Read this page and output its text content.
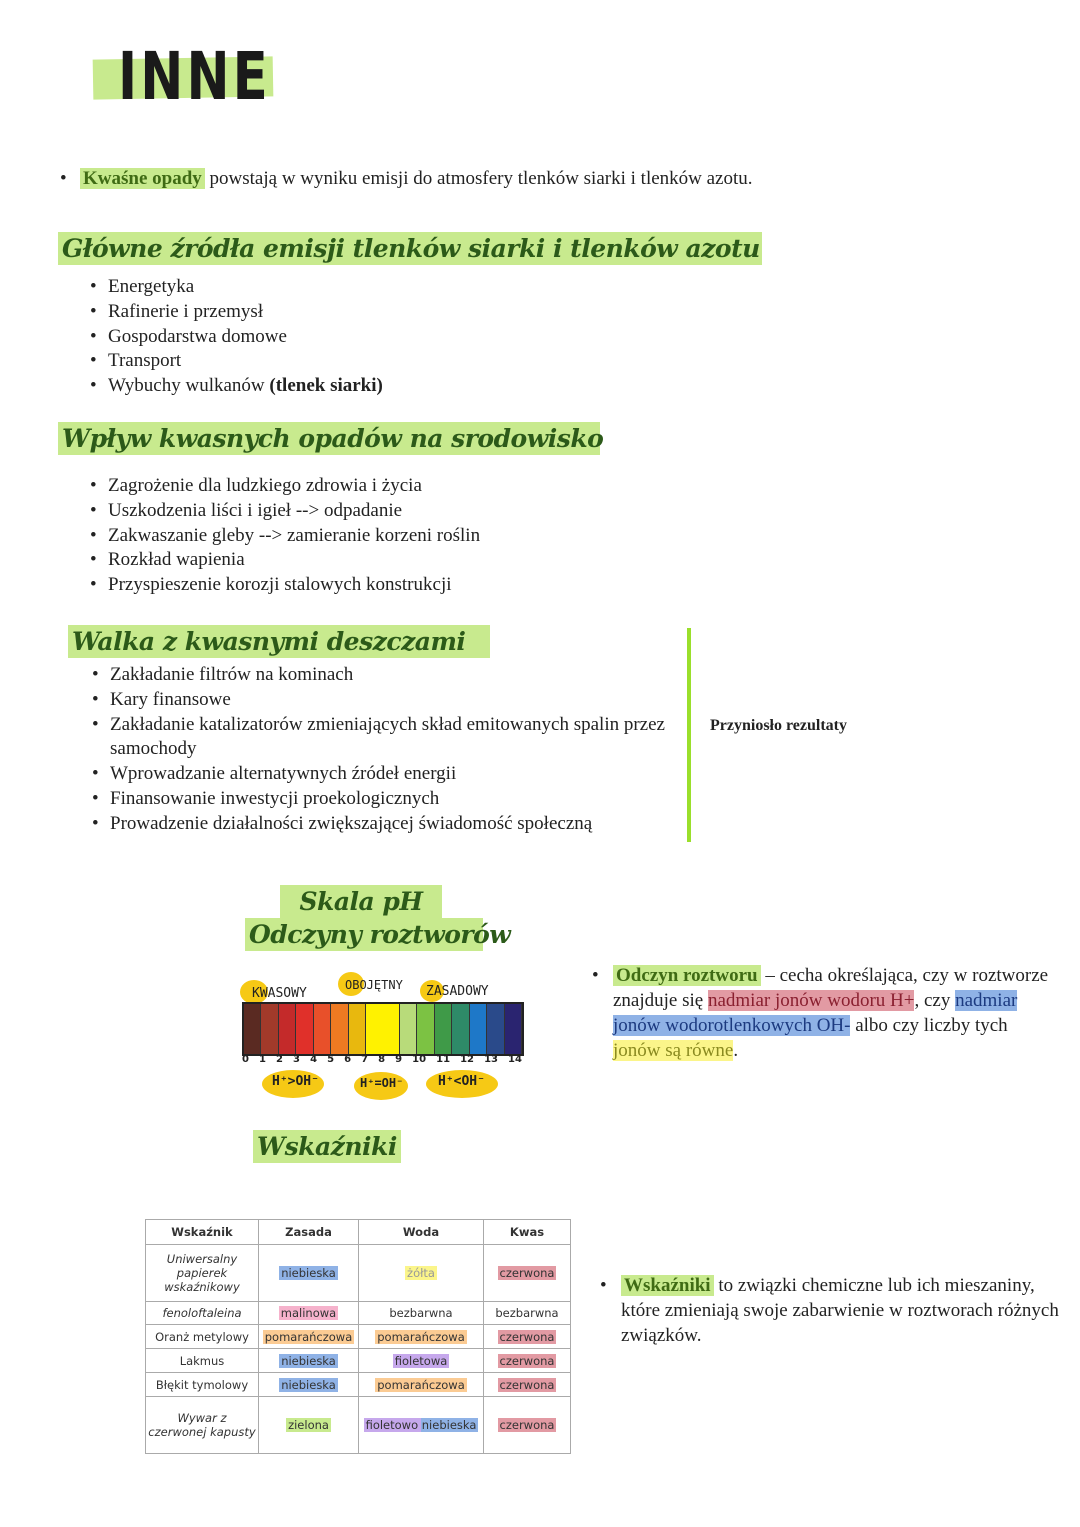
INNE
• Kwaśne opady powstają w wyniku emisji do atmosfery tlenków siarki i tlenków azotu.
Główne źródła emisji tlenków siarki i tlenków azotu
• Energetyka
• Rafinerie i przemysł
• Gospodarstwa domowe
• Transport
• Wybuchy wulkanów (tlenek siarki)
Wpływ kwasnych opadów na srodowisko
• Zagrożenie dla ludzkiego zdrowia i życia
• Uszkodzenia liści i igieł --> odpadanie
• Zakwaszanie gleby --> zamieranie korzeni roślin
• Rozkład wapienia
• Przyspieszenie korozji stalowych konstrukcji
Walka z kwasnymi deszczami
• Zakładanie filtrów na kominach
• Kary finansowe
• Zakładanie katalizatorów zmieniających skład emitowanych spalin przez samochody
• Wprowadzanie alternatywnych źródeł energii
• Finansowanie inwestycji proekologicznych
• Prowadzenie działalności zwiększającej świadomość społeczną
Przyniosło rezultaty
Skala pH
Odczyny roztworów
KWASOWY
OBOJĘTNY ZASADOWY
0 1 2 3 4 5 6 7 8 9 10 11 12 13 14
H⁺>OH⁻	H⁺=OH⁻	H⁺<OH⁻
• Odczyn roztworu – cecha określająca, czy w roztworze znajduje się nadmiar jonów wodoru H+, czy nadmiar jonów wodorotlenkowych OH- albo czy liczby tych jonów są równe.
Wskaźniki
Wskaźnik	Zasada	Woda	Kwas
Uniwersalny papierek wskaźnikowy	niebieska	żółta	czerwona
fenoloftaleina	malinowa	bezbarwna	bezbarwna
Oranż metylowy	pomarańczowa	pomarańczowa	czerwona
Lakmus	niebieska	fioletowa	czerwona
Błękit tymolowy	niebieska	pomarańczowa	czerwona
Wywar z czerwonej kapusty	zielona	fioletowo niebieska	czerwona
• Wskaźniki to związki chemiczne lub ich mieszaniny, które zmieniają swoje zabarwienie w roztworach różnych związków.
